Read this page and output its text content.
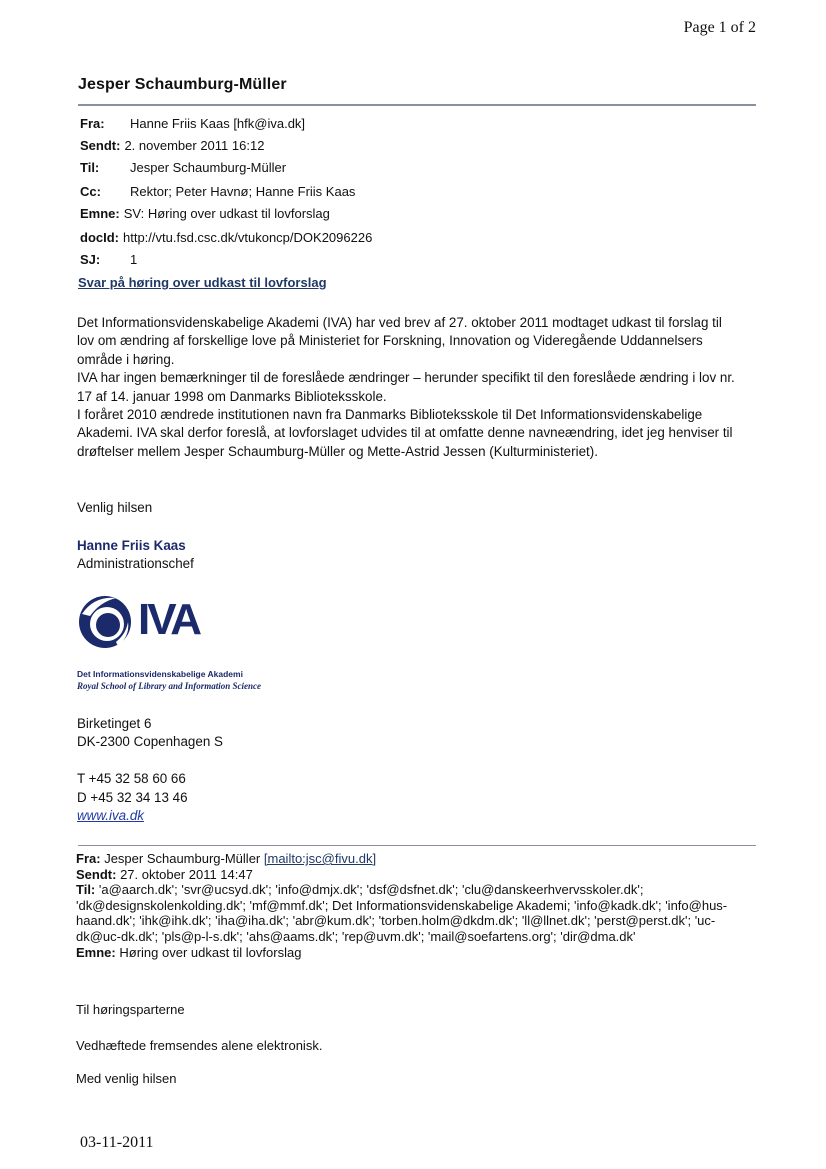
Page 1 of 2
Jesper Schaumburg-Müller
Fra: Hanne Friis Kaas [hfk@iva.dk]
Sendt: 2. november 2011 16:12
Til: Jesper Schaumburg-Müller
Cc: Rektor; Peter Havnø; Hanne Friis Kaas
Emne: SV: Høring over udkast til lovforslag
docId: http://vtu.fsd.csc.dk/vtukoncp/DOK2096226
SJ: 1
Svar på høring over udkast til lovforslag

Det Informationsvidenskabelige Akademi (IVA) har ved brev af 27. oktober 2011 modtaget udkast til forslag til lov om ændring af forskellige love på Ministeriet for Forskning, Innovation og Videregående Uddannelsers område i høring.

IVA har ingen bemærkninger til de foreslåede ændringer – herunder specifikt til den foreslåede ændring i lov nr. 17 af 14. januar 1998 om Danmarks Biblioteksskole.

I foråret 2010 ændrede institutionen navn fra Danmarks Biblioteksskole til Det Informationsvidenskabelige Akademi. IVA skal derfor foreslå, at lovforslaget udvides til at omfatte denne navneændring, idet jeg henviser til drøftelser mellem Jesper Schaumburg-Müller og Mette-Astrid Jessen (Kulturministeriet).

Venlig hilsen
Hanne Friis Kaas
Administrationschef
IVA
Det Informationsvidenskabelige Akademi
Royal School of Library and Information Science
Birketinget 6
DK-2300 Copenhagen S
T +45 32 58 60 66
D +45 32 34 13 46
www.iva.dk
Fra: Jesper Schaumburg-Müller [mailto:jsc@fivu.dk]
Sendt: 27. oktober 2011 14:47
Til: 'a@aarch.dk'; 'svr@ucsyd.dk'; 'info@dmjx.dk'; 'dsf@dsfnet.dk'; 'clu@danskeerhvervsskoler.dk'; 'dk@designskolenkolding.dk'; 'mf@mmf.dk'; Det Informationsvidenskabelige Akademi; 'info@kadk.dk'; 'info@hus-haand.dk'; 'ihk@ihk.dk'; 'iha@iha.dk'; 'abr@kum.dk'; 'torben.holm@dkdm.dk'; 'll@llnet.dk'; 'perst@perst.dk'; 'uc-dk@uc-dk.dk'; 'pls@p-l-s.dk'; 'ahs@aams.dk'; 'rep@uvm.dk'; 'mail@soefartens.org'; 'dir@dma.dk'
Emne: Høring over udkast til lovforslag
Til høringsparterne
Vedhæftede fremsendes alene elektronisk.
Med venlig hilsen
03-11-2011
